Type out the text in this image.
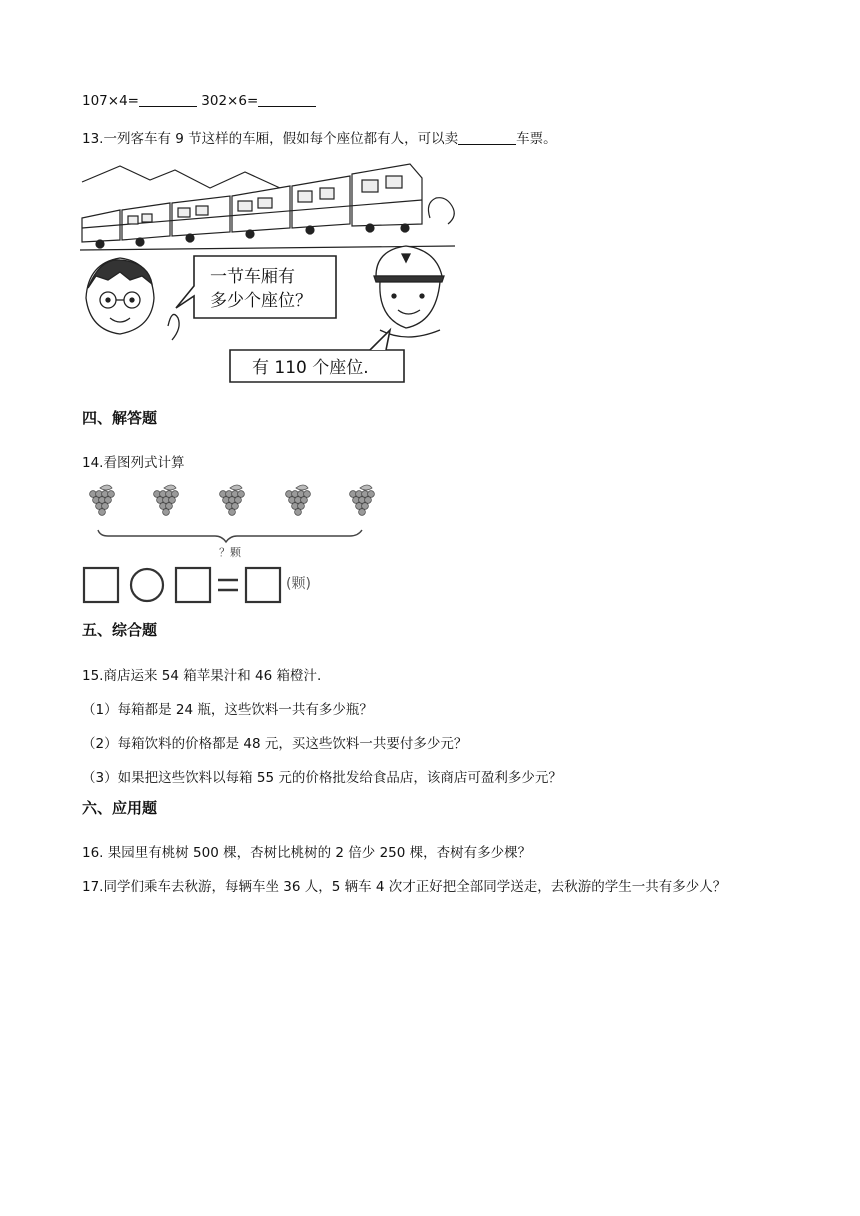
107×4=	302×6=
13.一列客车有 9 节这样的车厢，假如每个座位都有人，可以卖	车票。
一节车厢有
多少个座位？
有 110 个座位.
四、解答题
14.看图列式计算
？颗
(颗)
五、综合题
15.商店运来 54 箱苹果汁和 46 箱橙汁.
（1）每箱都是 24 瓶，这些饮料一共有多少瓶？
（2）每箱饮料的价格都是 48 元，买这些饮料一共要付多少元？
（3）如果把这些饮料以每箱 55 元的价格批发给食品店，该商店可盈利多少元？
六、应用题
16. 果园里有桃树 500 棵，杏树比桃树的 2 倍少 250 棵，杏树有多少棵？
17.同学们乘车去秋游，每辆车坐 36 人，5 辆车 4 次才正好把全部同学送走，去秋游的学生一共有多少人？
